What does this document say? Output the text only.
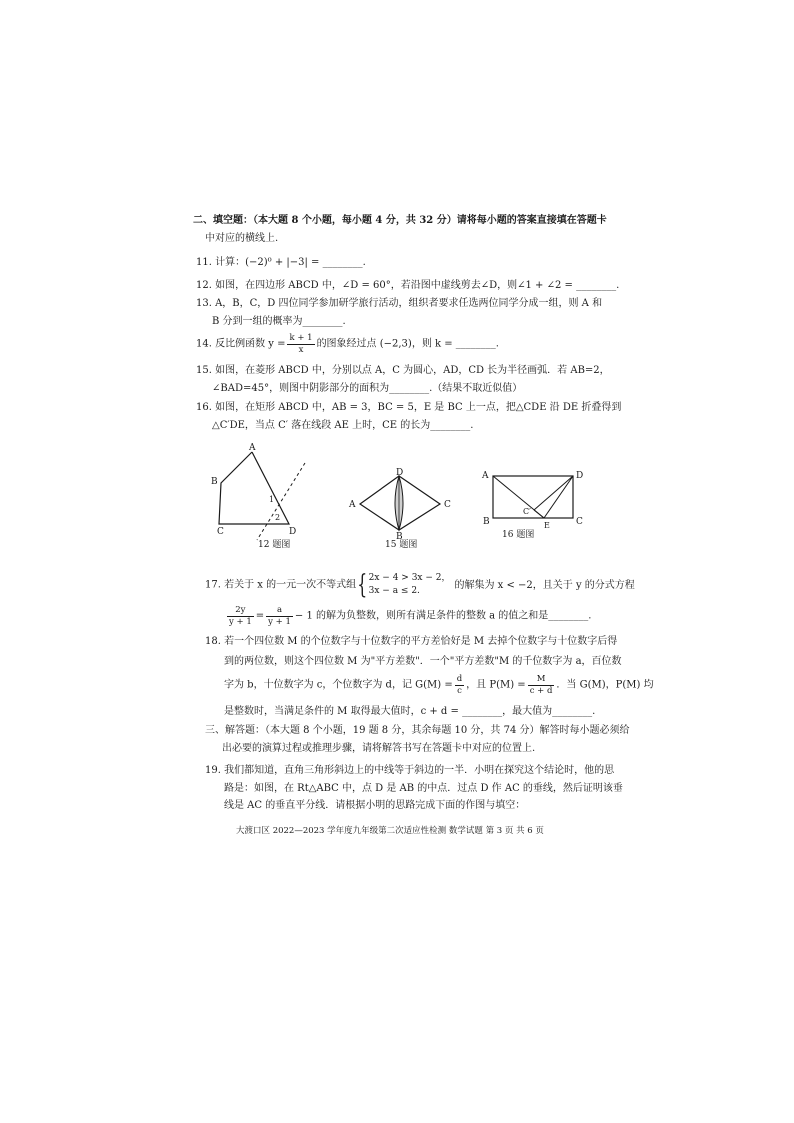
二、填空题：（本大题 8 个小题，每小题 4 分，共 32 分）请将每小题的答案直接填在答题卡
中对应的横线上.
11. 计算：(−2)⁰ + |−3| = ________.
12. 如图，在四边形 ABCD 中，∠D = 60°，若沿图中虚线剪去∠D，则∠1 + ∠2 = ________.
13. A，B，C，D 四位同学参加研学旅行活动，组织者要求任选两位同学分成一组，则 A 和
B 分到一组的概率为________.
14. 反比例函数 $y = \frac{k + 1}{x}$ 的图象经过点 (−2,3)，则 k = ________.
15. 如图，在菱形 ABCD 中，分别以点 A，C 为圆心，AD，CD 长为半径画弧．若 AB=2，
∠BAD=45°，则图中阴影部分的面积为________.（结果不取近似值）
16. 如图，在矩形 ABCD 中，AB = 3，BC = 5，E 是 BC 上一点，把△CDE 沿 DE 折叠得到
△C′DE，当点 C′ 落在线段 AE 上时，CE 的长为________.
A
B
C	D
1
2
12 题图
A
B
C
D
15 题图
A
B	C
D
C′
E
16 题图
17. 若关于 x 的一元一次不等式组{ 2x − 4 > 3x − 2，
3x − a ≤ 2.
的解集为 x < −2，且关于 y 的分式方程
$\frac{2y}{y + 1} = \frac{a}{y + 1} - 1$ 的解为负整数，则所有满足条件的整数 a 的值之和是________.
18. 若一个四位数 M 的个位数字与十位数字的平方差恰好是 M 去掉个位数字与十位数字后得
到的两位数，则这个四位数 M 为"平方差数"．一个"平方差数"M 的千位数字为 a，百位数
字为 b，十位数字为 c，个位数字为 d，记 $G(M) = \frac{d}{c}$ ，且 $P(M) = \frac{M}{c + d}$ ．当 G(M)，P(M) 均
是整数时，当满足条件的 M 取得最大值时，c + d = ________，最大值为________.
三、解答题：（本大题 8 个小题，19 题 8 分，其余每题 10 分，共 74 分）解答时每小题必须给
出必要的演算过程或推理步骤，请将解答书写在答题卡中对应的位置上.
19. 我们都知道，直角三角形斜边上的中线等于斜边的一半．小明在探究这个结论时，他的思
路是：如图，在 Rt△ABC 中，点 D 是 AB 的中点．过点 D 作 AC 的垂线，然后证明该垂
线是 AC 的垂直平分线．请根据小明的思路完成下面的作图与填空：
大渡口区 2022—2023 学年度九年级第二次适应性检测 数学试题 第 3 页 共 6 页
